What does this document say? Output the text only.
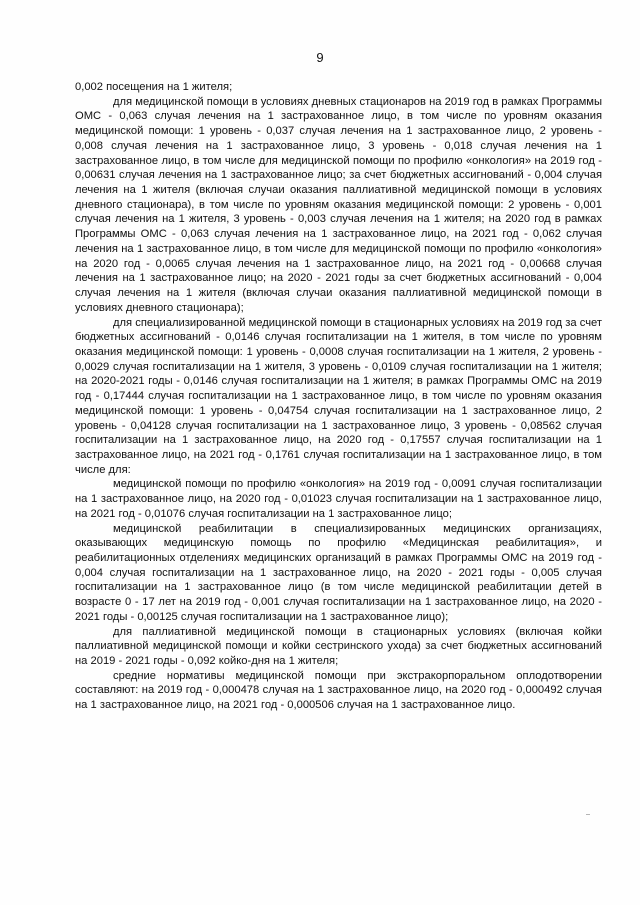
9

0,002 посещения на 1 жителя;

для медицинской помощи в условиях дневных стационаров на 2019 год в рамках Программы ОМС - 0,063 случая лечения на 1 застрахованное лицо, в том числе по уровням оказания медицинской помощи: 1 уровень - 0,037 случая лечения на 1 застрахованное лицо, 2 уровень - 0,008 случая лечения на 1 застрахованное лицо, 3 уровень - 0,018 случая лечения на 1 застрахованное лицо, в том числе для медицинской помощи по профилю «онкология» на 2019 год - 0,00631 случая лечения на 1 застрахованное лицо; за счет бюджетных ассигнований - 0,004 случая лечения на 1 жителя (включая случаи оказания паллиативной медицинской помощи в условиях дневного стационара), в том числе по уровням оказания медицинской помощи: 2 уровень - 0,001 случая лечения на 1 жителя, 3 уровень - 0,003 случая лечения на 1 жителя; на 2020 год в рамках Программы ОМС - 0,063 случая лечения на 1 застрахованное лицо, на 2021 год - 0,062 случая лечения на 1 застрахованное лицо, в том числе для медицинской помощи по профилю «онкология» на 2020 год - 0,0065 случая лечения на 1 застрахованное лицо, на 2021 год - 0,00668 случая лечения на 1 застрахованное лицо; на 2020 - 2021 годы за счет бюджетных ассигнований - 0,004 случая лечения на 1 жителя (включая случаи оказания паллиативной медицинской помощи в условиях дневного стационара);

для специализированной медицинской помощи в стационарных условиях на 2019 год за счет бюджетных ассигнований - 0,0146 случая госпитализации на 1 жителя, в том числе по уровням оказания медицинской помощи: 1 уровень - 0,0008 случая госпитализации на 1 жителя, 2 уровень - 0,0029 случая госпитализации на 1 жителя, 3 уровень - 0,0109 случая госпитализации на 1 жителя; на 2020-2021 годы - 0,0146 случая госпитализации на 1 жителя; в рамках Программы ОМС на 2019 год - 0,17444 случая госпитализации на 1 застрахованное лицо, в том числе по уровням оказания медицинской помощи: 1 уровень - 0,04754 случая госпитализации на 1 застрахованное лицо, 2 уровень - 0,04128 случая госпитализации на 1 застрахованное лицо, 3 уровень - 0,08562 случая госпитализации на 1 застрахованное лицо, на 2020 год - 0,17557 случая госпитализации на 1 застрахованное лицо, на 2021 год - 0,1761 случая госпитализации на 1 застрахованное лицо, в том числе для:

медицинской помощи по профилю «онкология» на 2019 год - 0,0091 случая госпитализации на 1 застрахованное лицо, на 2020 год - 0,01023 случая госпитализации на 1 застрахованное лицо, на 2021 год - 0,01076 случая госпитализации на 1 застрахованное лицо;

медицинской реабилитации в специализированных медицинских организациях, оказывающих медицинскую помощь по профилю «Медицинская реабилитация», и реабилитационных отделениях медицинских организаций в рамках Программы ОМС на 2019 год - 0,004 случая госпитализации на 1 застрахованное лицо, на 2020 - 2021 годы - 0,005 случая госпитализации на 1 застрахованное лицо (в том числе медицинской реабилитации детей в возрасте 0 - 17 лет на 2019 год - 0,001 случая госпитализации на 1 застрахованное лицо, на 2020 - 2021 годы - 0,00125 случая госпитализации на 1 застрахованное лицо);

для паллиативной медицинской помощи в стационарных условиях (включая койки паллиативной медицинской помощи и койки сестринского ухода) за счет бюджетных ассигнований на 2019 - 2021 годы - 0,092 койко-дня на 1 жителя;

средние нормативы медицинской помощи при экстракорпоральном оплодотворении составляют: на 2019 год - 0,000478 случая на 1 застрахованное лицо, на 2020 год - 0,000492 случая на 1 застрахованное лицо, на 2021 год - 0,000506 случая на 1 застрахованное лицо.
